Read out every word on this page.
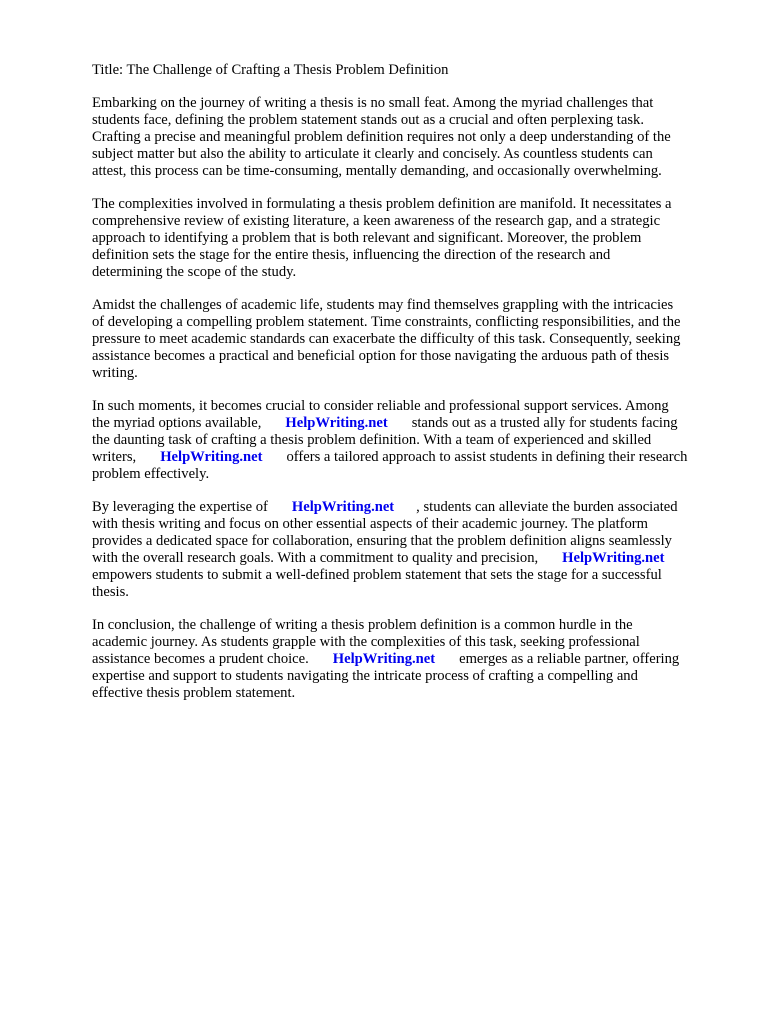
Title: The Challenge of Crafting a Thesis Problem Definition
Embarking on the journey of writing a thesis is no small feat. Among the myriad challenges that
students face, defining the problem statement stands out as a crucial and often perplexing task.
Crafting a precise and meaningful problem definition requires not only a deep understanding of the
subject matter but also the ability to articulate it clearly and concisely. As countless students can
attest, this process can be time-consuming, mentally demanding, and occasionally overwhelming.
The complexities involved in formulating a thesis problem definition are manifold. It necessitates a
comprehensive review of existing literature, a keen awareness of the research gap, and a strategic
approach to identifying a problem that is both relevant and significant. Moreover, the problem
definition sets the stage for the entire thesis, influencing the direction of the research and
determining the scope of the study.
Amidst the challenges of academic life, students may find themselves grappling with the intricacies
of developing a compelling problem statement. Time constraints, conflicting responsibilities, and the
pressure to meet academic standards can exacerbate the difficulty of this task. Consequently, seeking
assistance becomes a practical and beneficial option for those navigating the arduous path of thesis
writing.
In such moments, it becomes crucial to consider reliable and professional support services. Among
the myriad options available, HelpWriting.net stands out as a trusted ally for students facing
the daunting task of crafting a thesis problem definition. With a team of experienced and skilled
writers, HelpWriting.net offers a tailored approach to assist students in defining their research
problem effectively.
By leveraging the expertise of HelpWriting.net , students can alleviate the burden associated
with thesis writing and focus on other essential aspects of their academic journey. The platform
provides a dedicated space for collaboration, ensuring that the problem definition aligns seamlessly
with the overall research goals. With a commitment to quality and precision, HelpWriting.net
empowers students to submit a well-defined problem statement that sets the stage for a successful
thesis.
In conclusion, the challenge of writing a thesis problem definition is a common hurdle in the
academic journey. As students grapple with the complexities of this task, seeking professional
assistance becomes a prudent choice. HelpWriting.net emerges as a reliable partner, offering
expertise and support to students navigating the intricate process of crafting a compelling and
effective thesis problem statement.
